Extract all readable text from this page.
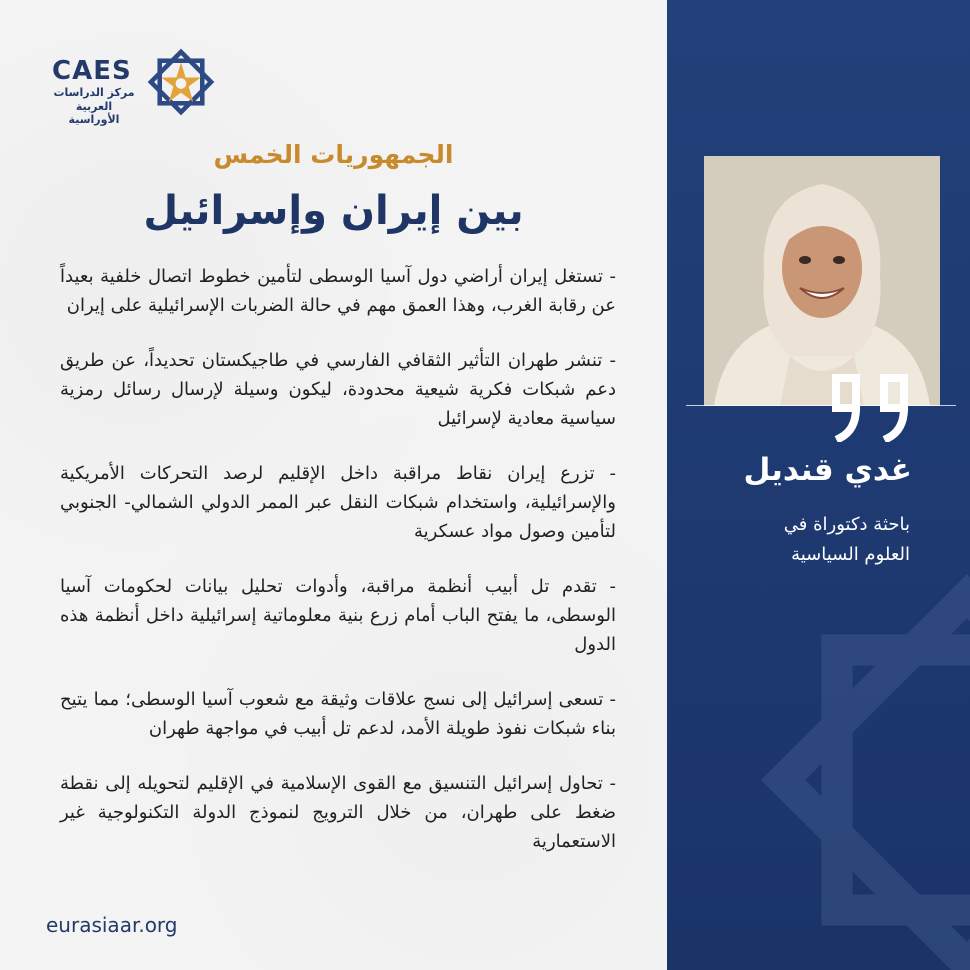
CAES
مركز الدراسات
العربية الأوراسية
الجمهوريات الخمس
بين إيران وإسرائيل

- تستغل إيران أراضي دول آسيا الوسطى لتأمين خطوط اتصال خلفية بعيداً عن رقابة الغرب، وهذا العمق مهم في حالة الضربات الإسرائيلية على إيران

- تنشر طهران التأثير الثقافي الفارسي في طاجيكستان تحديداً، عن طريق دعم شبكات فكرية شيعية محدودة، ليكون وسيلة لإرسال رسائل رمزية سياسية معادية لإسرائيل

- تزرع إيران نقاط مراقبة داخل الإقليم لرصد التحركات الأمريكية والإسرائيلية، واستخدام شبكات النقل عبر الممر الدولي الشمالي- الجنوبي لتأمين وصول مواد عسكرية

- تقدم تل أبيب أنظمة مراقبة، وأدوات تحليل بيانات لحكومات آسيا الوسطى، ما يفتح الباب أمام زرع بنية معلوماتية إسرائيلية داخل أنظمة هذه الدول

- تسعى إسرائيل إلى نسج علاقات وثيقة مع شعوب آسيا الوسطى؛ مما يتيح بناء شبكات نفوذ طويلة الأمد، لدعم تل أبيب في مواجهة طهران

- تحاول إسرائيل التنسيق مع القوى الإسلامية في الإقليم لتحويله إلى نقطة ضغط على طهران، من خلال الترويج لنموذج الدولة التكنولوجية غير الاستعمارية

eurasiaar.org
غدي قنديل
باحثة دكتوراة في
العلوم السياسية
